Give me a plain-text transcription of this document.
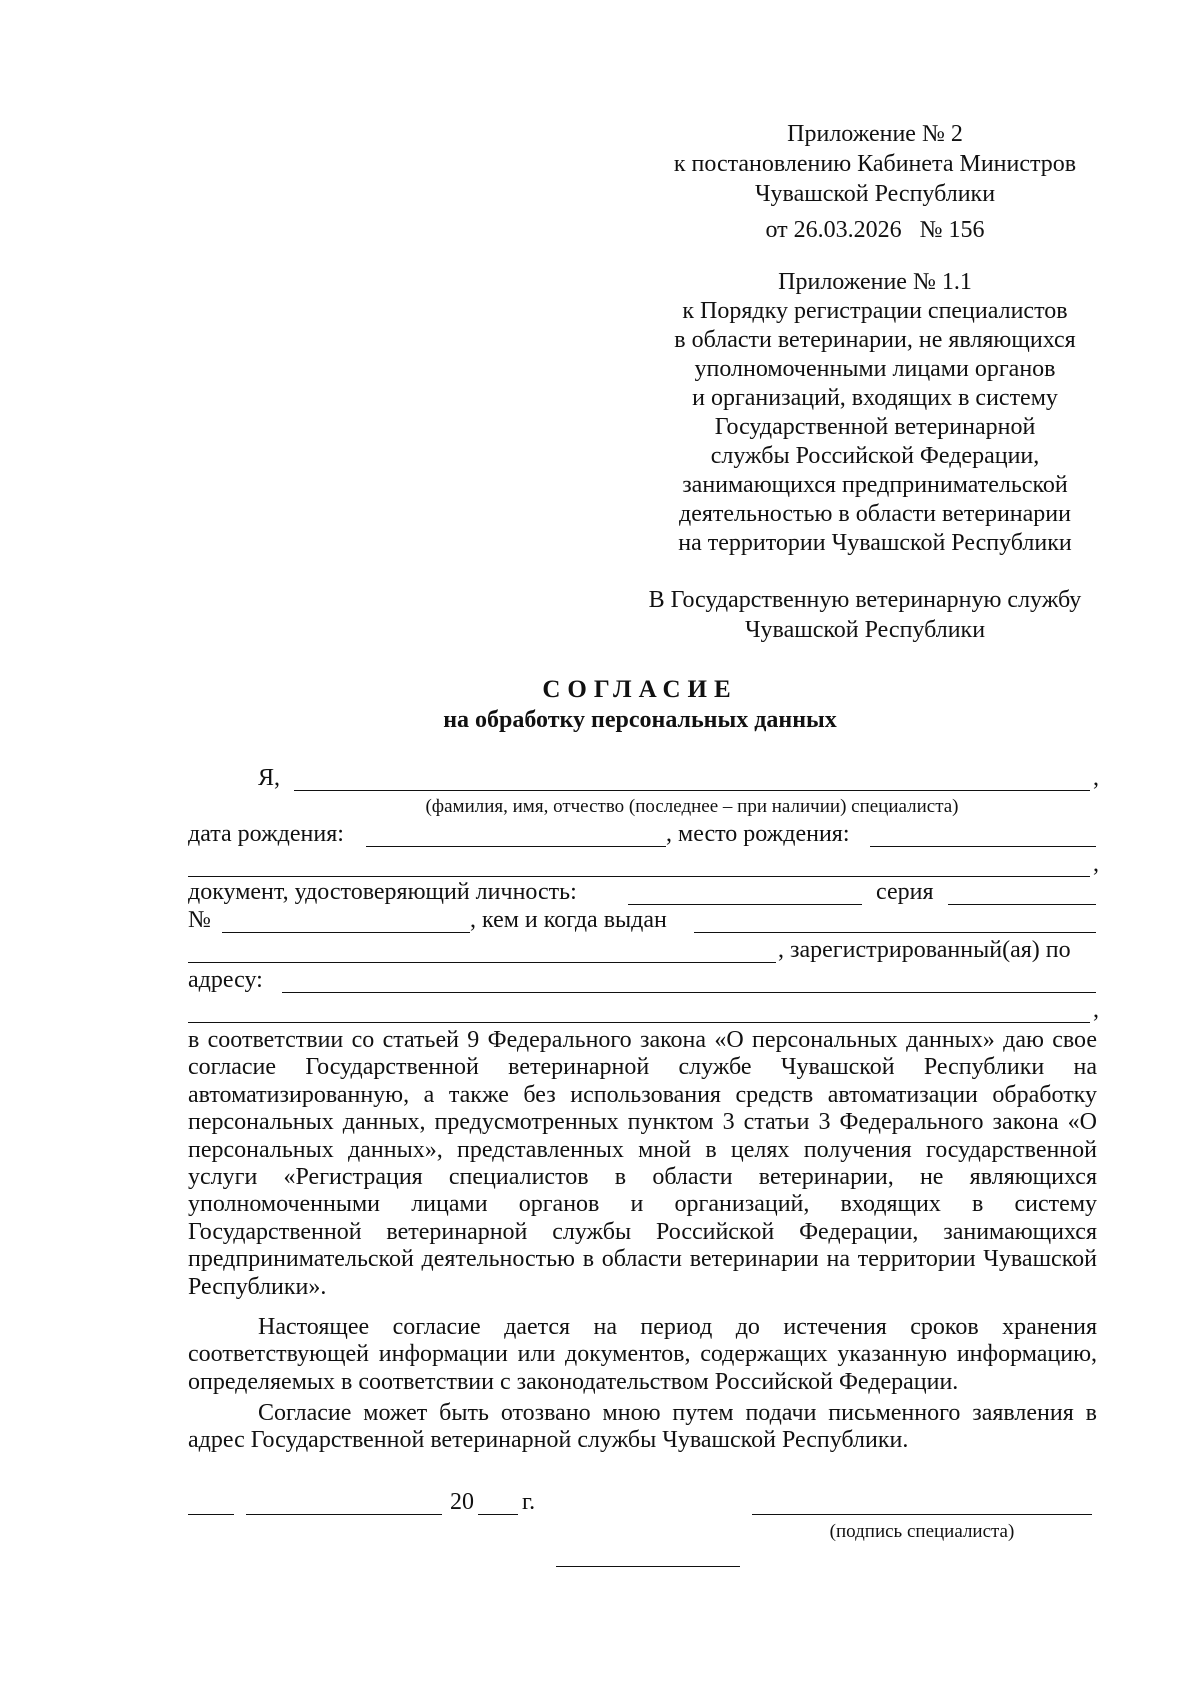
Приложение № 2
к постановлению Кабинета Министров
Чувашской Республики
от 26.03.2026   № 156
Приложение № 1.1
к Порядку регистрации специалистов
в области ветеринарии, не являющихся
уполномоченными лицами органов
и организаций, входящих в систему
Государственной ветеринарной
службы Российской Федерации,
занимающихся предпринимательской
деятельностью в области ветеринарии
на территории Чувашской Республики
В Государственную ветеринарную службу
Чувашской Республики
СОГЛАСИЕ
на обработку персональных данных
Я,	,
(фамилия, имя, отчество (последнее – при наличии) специалиста)
дата рождения:	, место рождения:
,
документ, удостоверяющий личность:	серия
№	, кем и когда выдан
, зарегистрированный(ая) по
адресу:
,

в соответствии со статьей 9 Федерального закона «О персональных данных» даю свое согласие Государственной ветеринарной службе Чувашской Республики на автоматизированную, а также без использования средств автоматизации обработку персональных данных, предусмотренных пунктом 3 статьи 3 Федерального закона «О персональных данных», представленных мной в целях получения государственной услуги «Регистрация специалистов в области ветеринарии, не являющихся уполномоченными лицами органов и организаций, входящих в систему Государственной ветеринарной службы Российской Федерации, занимающихся предпринимательской деятельностью в области ветеринарии на территории Чувашской Республики».

Настоящее согласие дается на период до истечения сроков хранения соответствующей информации или документов, содержащих указанную информацию, определяемых в соответствии с законодательством Российской Федерации.

Согласие может быть отозвано мною путем подачи письменного заявления в адрес Государственной ветеринарной службы Чувашской Республики.

20 г.
(подпись специалиста)
